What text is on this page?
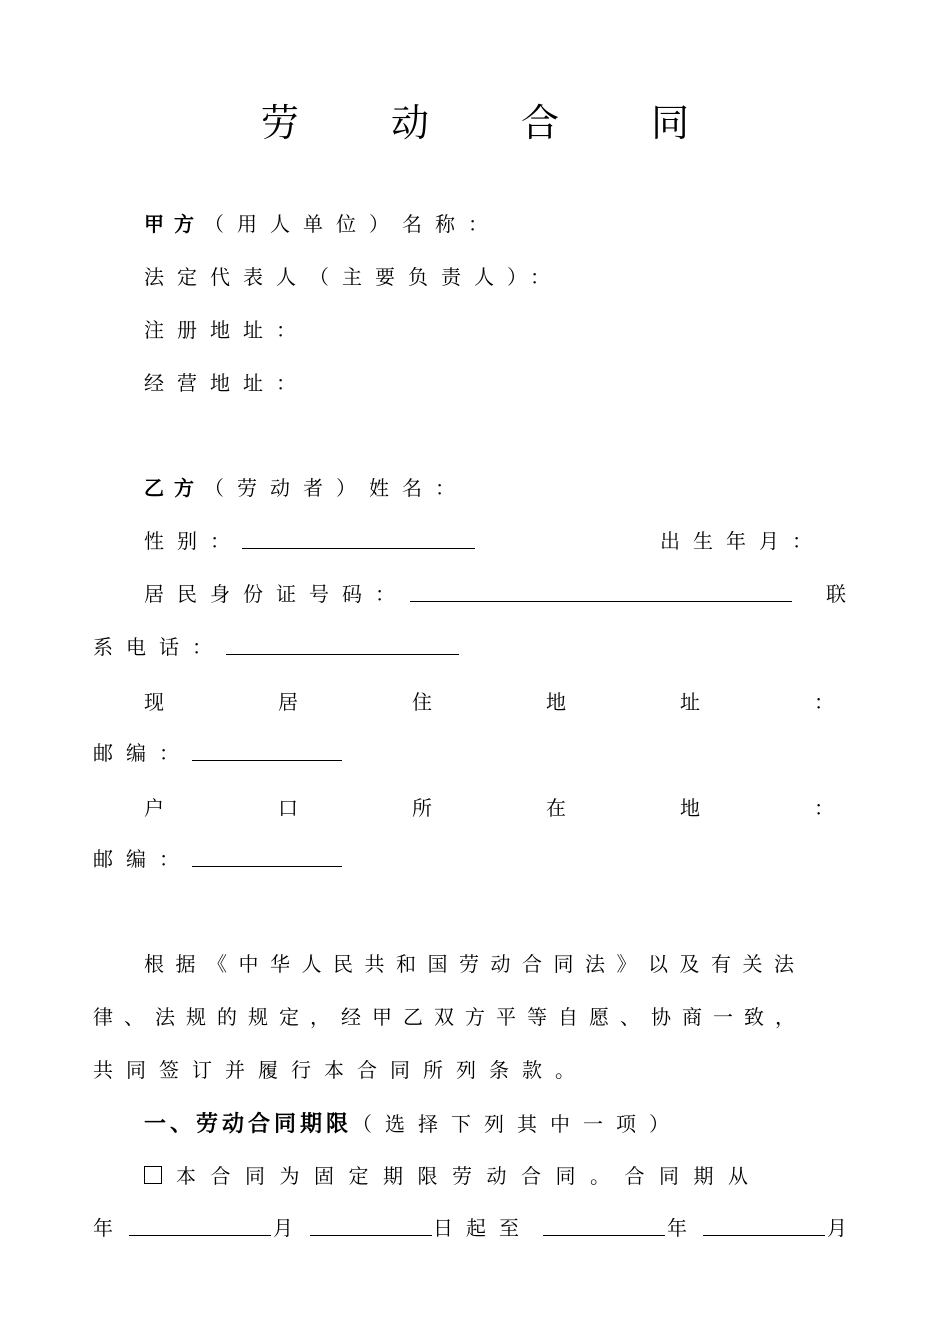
劳 动 合 同
甲方（用人单位）名称：
法定代表人（主要负责人）：
注册地址：
经营地址：
乙方（劳动者）姓名：
性别：	出生年月：
居民身份证号码：	联
系电话：
现	居	住	地	址	：
邮编：
户	口	所	在	地	：
邮编：
根据《中华人民共和国劳动合同法》以及有关法
律、法规的规定，经甲乙双方平等自愿、协商一致，
共同签订并履行本合同所列条款。
一、劳动合同期限（选择下列其中一项）
本合同为固定期限劳动合同。合同期从
年	月	日起至	年	月
